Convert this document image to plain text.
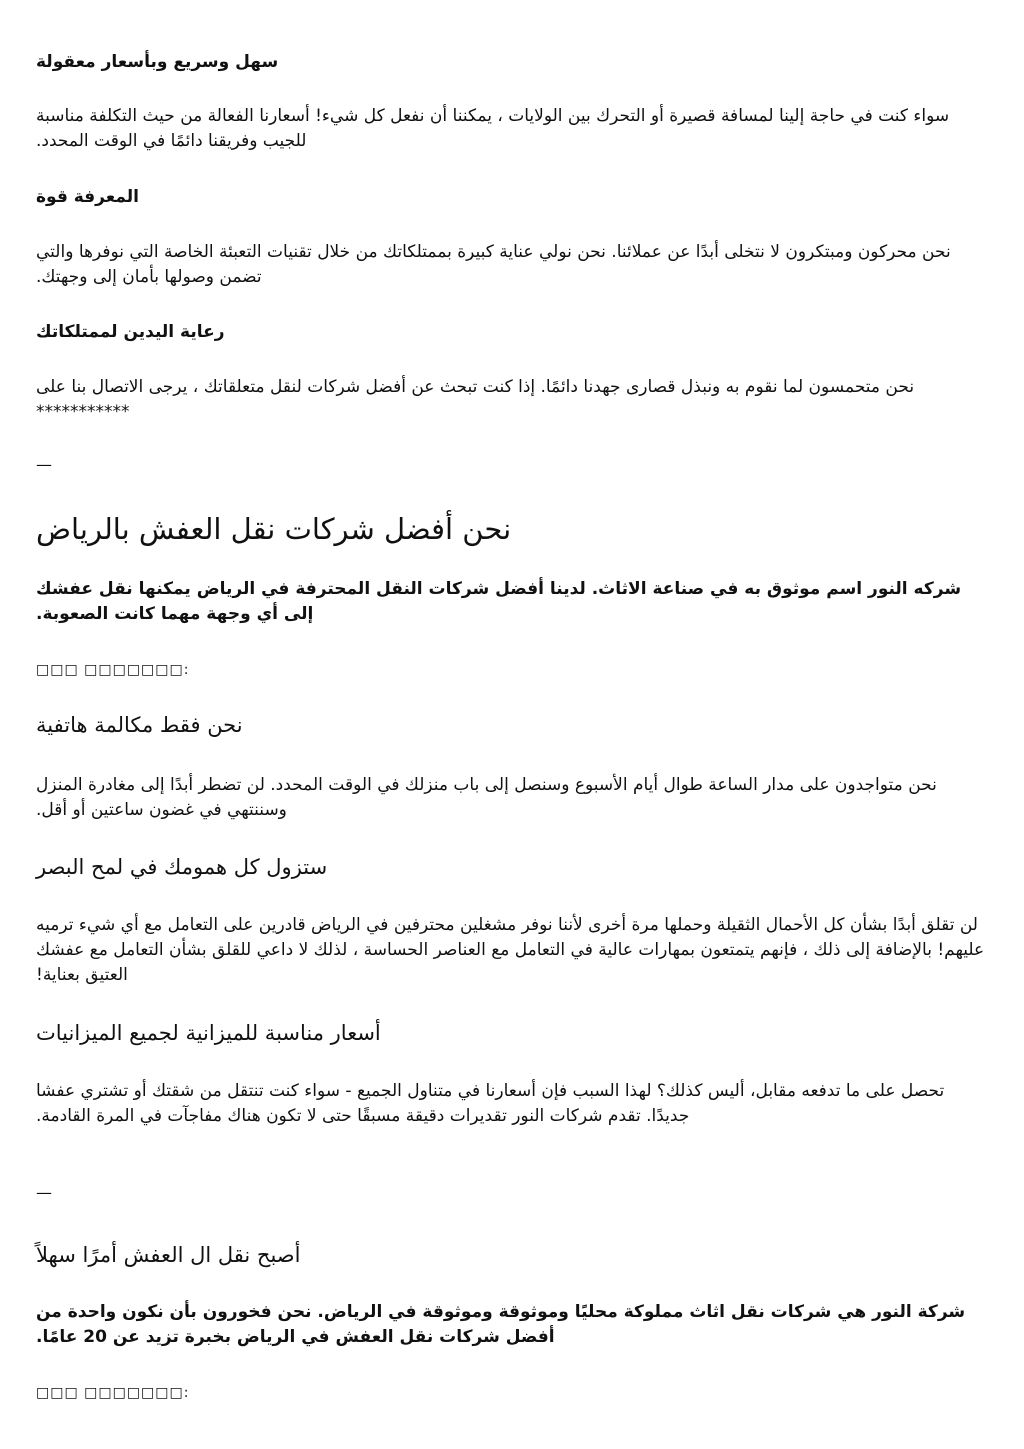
سهل وسريع وبأسعار معقولة

سواء كنت في حاجة إلينا لمسافة قصيرة أو التحرك بين الولايات ، يمكننا أن نفعل كل شيء! أسعارنا الفعالة من حيث التكلفة مناسبة للجيب وفريقنا دائمًا في الوقت المحدد.

المعرفة قوة

نحن محركون ومبتكرون لا نتخلى أبدًا عن عملائنا. نحن نولي عناية كبيرة بممتلكاتك من خلال تقنيات التعبئة الخاصة التي نوفرها والتي تضمن وصولها بأمان إلى وجهتك.

رعاية اليدين لممتلكاتك

نحن متحمسون لما نقوم به ونبذل قصارى جهدنا دائمًا. إذا كنت تبحث عن أفضل شركات لنقل متعلقاتك ، يرجى الاتصال بنا على ***********

—
نحن أفضل شركات نقل العفش بالرياض

شركه النور اسم موثوق به في صناعة الاثاث. لدينا أفضل شركات النقل المحترفة في الرياض يمكنها نقل عفشك إلى أي وجهة مهما كانت الصعوبة.

□□□ □□□□□□□:
نحن فقط مكالمة هاتفية

نحن متواجدون على مدار الساعة طوال أيام الأسبوع وسنصل إلى باب منزلك في الوقت المحدد. لن تضطر أبدًا إلى مغادرة المنزل وسننتهي في غضون ساعتين أو أقل.

ستزول كل همومك في لمح البصر

لن تقلق أبدًا بشأن كل الأحمال الثقيلة وحملها مرة أخرى لأننا نوفر مشغلين محترفين في الرياض قادرين على التعامل مع أي شيء ترميه عليهم! بالإضافة إلى ذلك ، فإنهم يتمتعون بمهارات عالية في التعامل مع العناصر الحساسة ، لذلك لا داعي للقلق بشأن التعامل مع عفشك العتيق بعناية!

أسعار مناسبة للميزانية لجميع الميزانيات

تحصل على ما تدفعه مقابل، أليس كذلك؟ لهذا السبب فإن أسعارنا في متناول الجميع - سواء كنت تنتقل من شقتك أو تشتري عفشا جديدًا. تقدم شركات النور تقديرات دقيقة مسبقًا حتى لا تكون هناك مفاجآت في المرة القادمة.

—
أصبح نقل ال العفش أمرًا سهلاً

شركة النور هي شركات نقل اثاث مملوكة محليًا وموثوقة وموثوقة في الرياض. نحن فخورون بأن نكون واحدة من أفضل شركات نقل العفش في الرياض بخبرة تزيد عن 20 عامًا.

□□□ □□□□□□□:
